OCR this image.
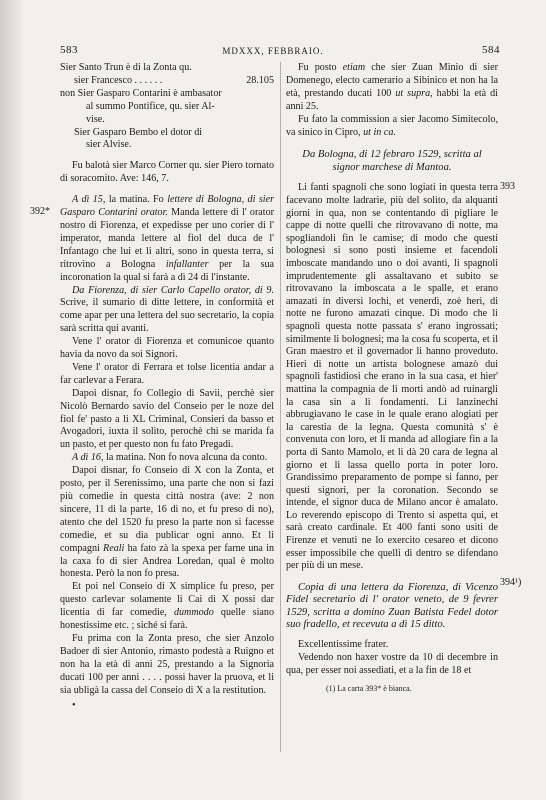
583	MDXXX, FEBBRAIO.	584
392*
393
394¹)

Sier Santo Trun è di la Zonta qu.

sier Francesco . . . . . .	28.105

non Sier Gasparo Contarini è ambasator

al summo Pontifice, qu. sier Al-

vise.

Sier Gasparo Bembo el dotor di

sier Alvise.

Fu balotà sier Marco Corner qu. sier Piero tornato di soracomito. Ave: 146, 7.

A dì 15, la matina. Fo lettere di Bologna, di sier Gasparo Contarini orator. Manda lettere di l' orator nostro di Fiorenza, et expedisse per uno corier di l' imperator, manda lettere al fiol del duca de l' Infantago che lui et li altri, sono in questa terra, si ritrovino a Bologna infallanter per la sua incoronation la qual si farà a dì 24 di l'instante.

Da Fiorenza, di sier Carlo Capello orator, di 9. Scrive, il sumario di ditte lettere, in conformità et come apar per una lettera del suo secretario, la copia sarà scritta qui avanti.

Vene l' orator di Fiorenza et comunicoe quanto havia da novo da soi Signori.

Vene l' orator di Ferrara et tolse licentia andar a far carlevar a Ferara.

Dapoi disnar, fo Collegio di Savii, perchè sier Nicolò Bernardo savio del Conseio per le noze del fiol fe' pasto a li XL Criminal, Consieri da basso et Avogadori, iuxta il solito, perochè chi se marida fa un pasto, et per questo non fu fato Pregadi.

A dì 16, la matina. Non fo nova alcuna da conto.

Dapoi disnar, fo Conseio di X con la Zonta, et posto, per il Serenissimo, una parte che non si fazi più comedie in questa città nostra (ave: 2 non sincere, 11 di la parte, 16 di no, et fu preso di no), atento che del 1520 fu preso la parte non si facesse comedie, et su dia publicar ogni anno. Et li compagni Reali ha fato zà la spexa per farne una in la caxa fo di sier Andrea Loredan, qual è molto honesta. Però la non fo presa.

Et poi nel Conseio di X simplice fu preso, per questo carlevar solamente li Cai di X possi dar licentia di far comedie, dummodo quelle siano honestissime etc. ; siché si farà.

Fu prima con la Zonta preso, che sier Anzolo Badoer di sier Antonio, rimasto podestà a Ruigno et non ha la età di anni 25, prestando a la Signoria ducati 100 per anni . . . . possi haver la pruova, et li sia ubligà la cassa del Conseio di X a la restitution.

•

Fu posto etiam che sier Zuan Minio di sier Domenego, electo camerario a Sibinico et non ha la età, prestando ducati 100 ut supra, habbi la età di anni 25.

Fu fato la commission a sier Jacomo Simitecolo, va sinico in Cipro, ut in ca.

Da Bologna, di 12 febraro 1529, scritta al signor marchese di Mantoa.

Li fanti spagnoli che sono logiati in questa terra facevano molte ladrarie, più del solito, da alquanti giorni in qua, non se contentando di pigliare le cappe di notte quelli che ritrovavano di notte, ma spogliandoli fin le camise; di modo che questi bolognesi si sono posti insieme et facendoli imboscate mandando uno o doi avanti, li spagnoli imprudentemente gli assaltavano et subito se ritrovavano la imboscata a le spalle, et erano amazati in diversi lochi, et venerdì, zoè heri, di notte ne furono amazati cinque. Di modo che li spagnoli questa notte passata s' erano ingrossati; similmente li bolognesi; ma la cosa fu scoperta, et il Gran maestro et il governador li hanno proveduto. Hieri di notte un artista bolognese amazò dui spagnoli fastidiosi che erano in la sua casa, et hier' mattina la compagnia de li morti andò ad ruinargli la casa sin a li fondamenti. Li lanzinechi abbrugiavano le case in le quale erano alogiati per la carestia de la legna. Questa comunità s' è convenuta con loro, et li manda ad allogiare fin a la porta di Santo Mamolo, et li dà 20 cara de legna al giorno et li lassa quello porta in poter loro. Grandissimo preparamento de pompe si fanno, per questi signori, per la coronation. Secondo se intende, el signor duca de Milano ancor è amalato. Lo reverendo episcopo di Trento si aspetta qui, et sarà creato cardinale. Et 400 fanti sono usiti de Firenze et venuti ne lo exercito cesareo et dicono esser impossibile che quelli di dentro se difendano per più di un mese.

Copia di una lettera da Fiorenza, di Vicenzo Fidel secretario di l' orator veneto, de 9 fevrer 1529, scritta a domino Zuan Batista Fedel dotor suo fradello, et recevuta a dì 15 ditto.

Excellentissime frater.

Vedendo non haxer vostre da 10 di decembre in qua, per esser noi assediati, et a la fin de 18 et

(1) La carta 393* è bianca.
